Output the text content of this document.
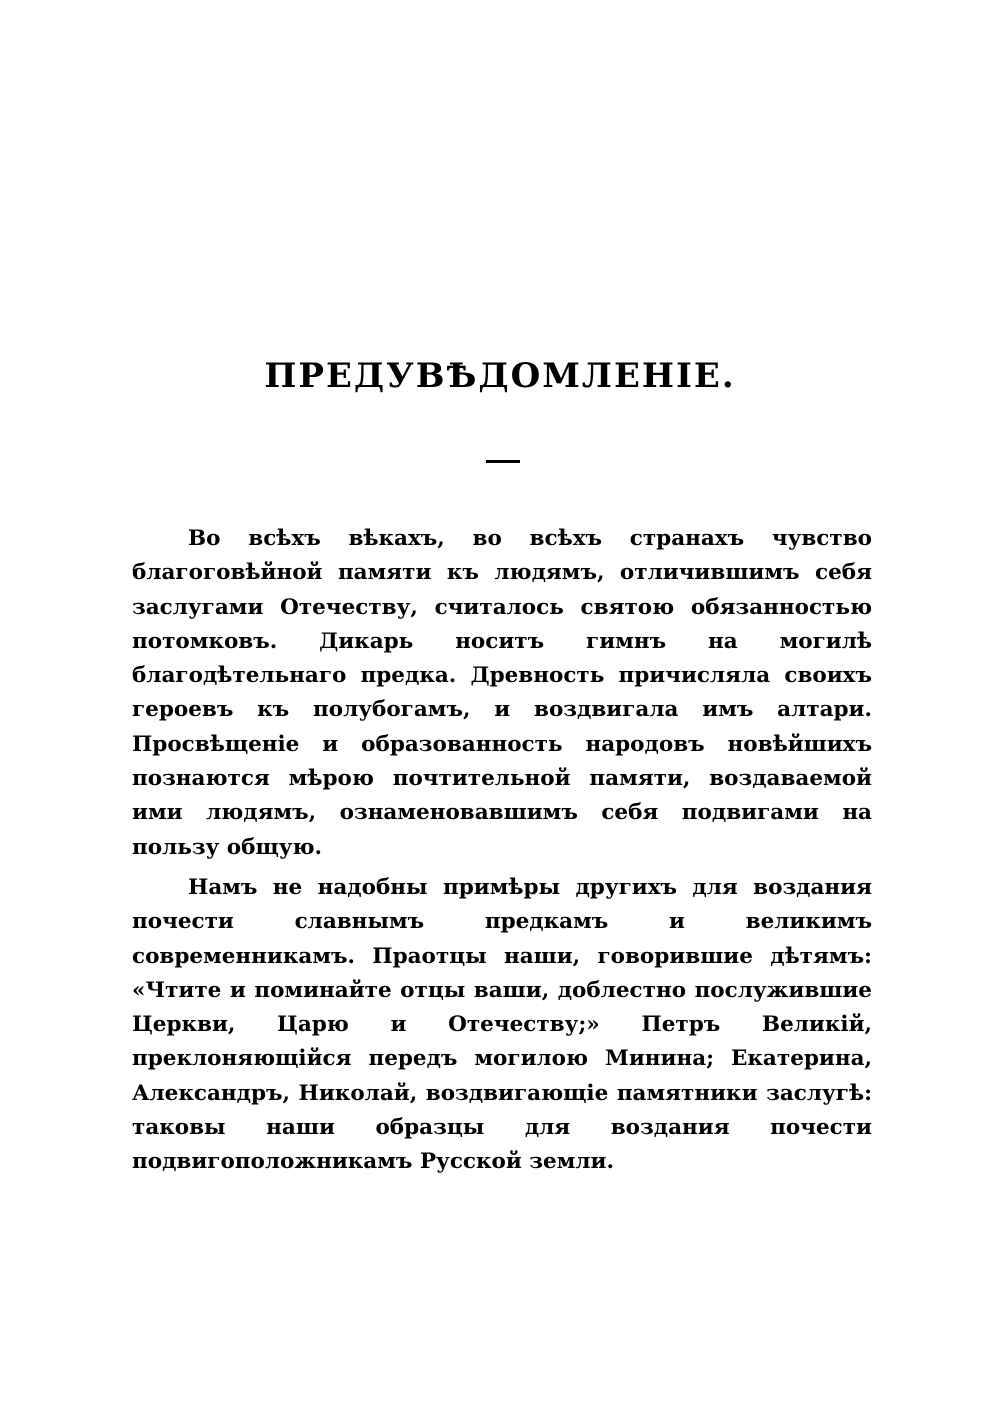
ПРЕДУВѢДОМЛЕНІЕ.

Во всѣхъ вѣкахъ, во всѣхъ странахъ чувство благоговѣйной памяти къ людямъ, отличившимъ себя заслугами Отечеству, считалось святою обязанностью потомковъ. Дикарь носитъ гимнъ на могилѣ благодѣтельнаго предка. Древность причисляла своихъ героевъ къ полубогамъ, и воздвигала имъ алтари. Просвѣщеніе и образованность народовъ новѣйшихъ познаются мѣрою почтительной памяти, воздаваемой ими людямъ, ознаменовавшимъ себя подвигами на пользу общую.

Намъ не надобны примѣры другихъ для воздания почести славнымъ предкамъ и великимъ современникамъ. Праотцы наши, говорившие дѣтямъ: «Чтите и поминайте отцы ваши, доблестно послужившие Церкви, Царю и Отечеству;» Петръ Великій, преклоняющійся передъ могилою Минина; Екатерина, Александръ, Николай, воздвигающіе памятники заслугѣ: таковы наши образцы для воздания почести подвигоположникамъ Русской земли.
